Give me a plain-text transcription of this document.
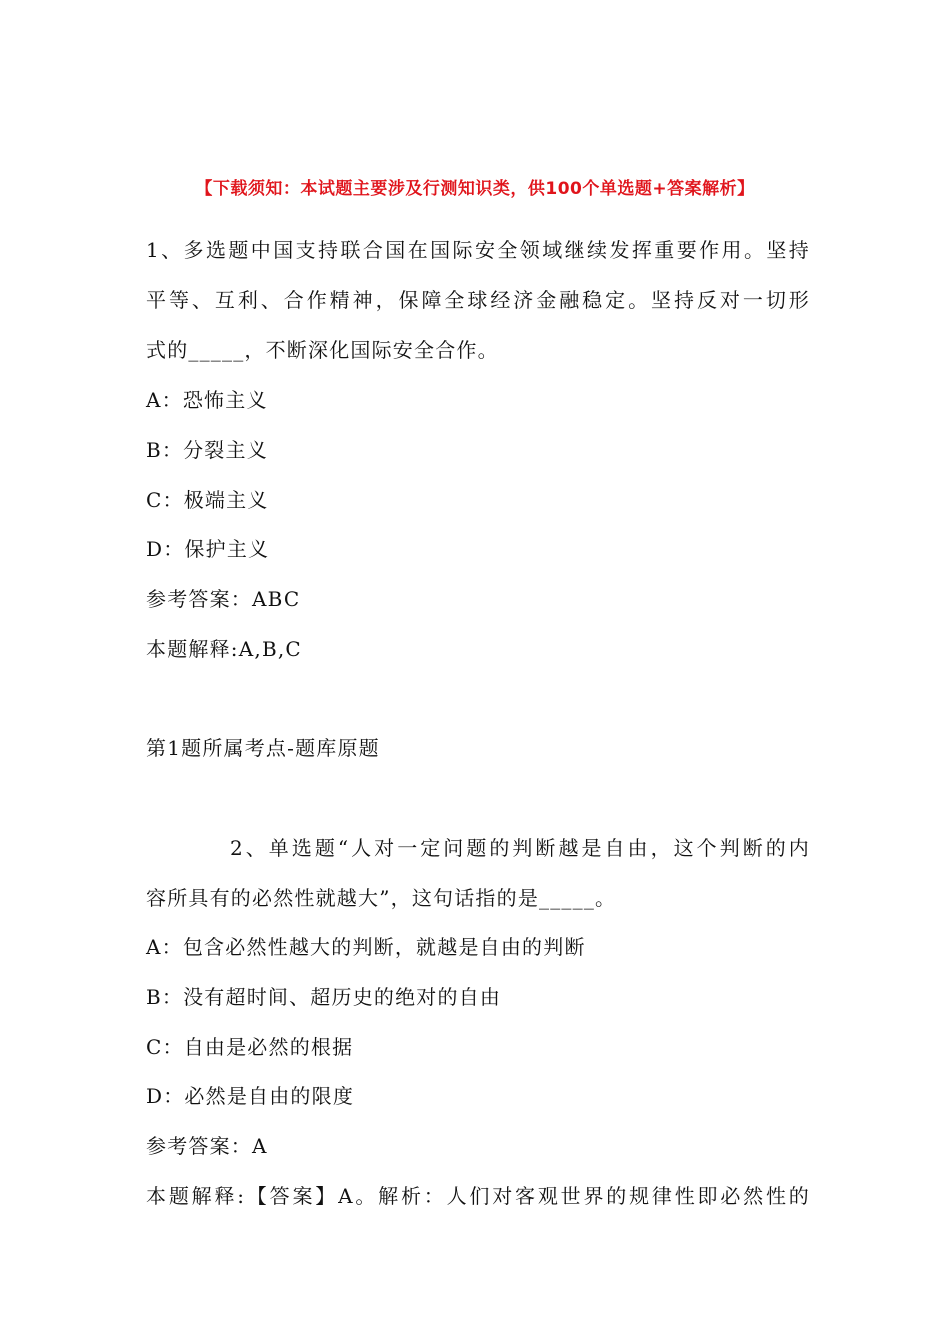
【下载须知：本试题主要涉及行测知识类，供100个单选题+答案解析】
1、多选题中国支持联合国在国际安全领域继续发挥重要作用。坚持
平等、互利、合作精神，保障全球经济金融稳定。坚持反对一切形
式的_____，不断深化国际安全合作。
A：恐怖主义
B：分裂主义
C：极端主义
D：保护主义
参考答案：ABC
本题解释:A,B,C
第1题所属考点-题库原题
2、单选题“人对一定问题的判断越是自由，这个判断的内
容所具有的必然性就越大”，这句话指的是_____。
A：包含必然性越大的判断，就越是自由的判断
B：没有超时间、超历史的绝对的自由
C：自由是必然的根据
D：必然是自由的限度
参考答案：A
本题解释:【答案】A。解析：人们对客观世界的规律性即必然性的
